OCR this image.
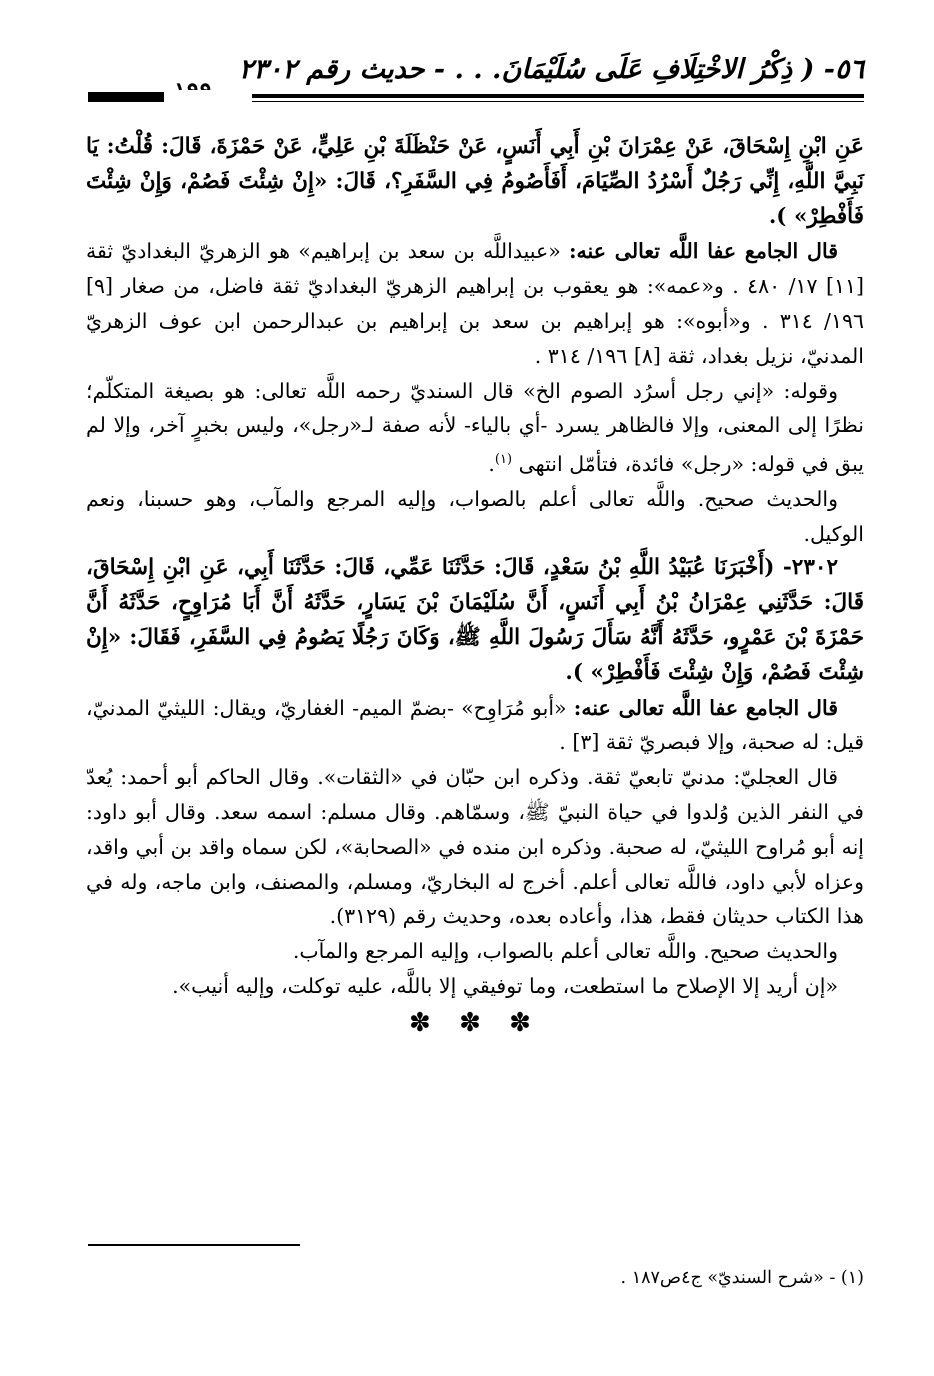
٥٦- ( ذِكْرُ الاخْتِلَافِ عَلَى سُلَيْمَانَ. . . - حديث رقم ٢٣٠٢

عَنِ ابْنِ إِسْحَاقَ، عَنْ عِمْرَانَ بْنِ أَبِي أَنَسٍ، عَنْ حَنْظَلَةَ بْنِ عَلِيٍّ، عَنْ حَمْزَةَ، قَالَ: قُلْتُ: يَا نَبِيَّ اللَّهِ، إِنِّي رَجُلٌ أَسْرُدُ الصِّيَامَ، أَفَأَصُومُ فِي السَّفَرِ؟، قَالَ: «إِنْ شِئْتَ فَصُمْ، وَإِنْ شِئْتَ فَأَفْطِرْ» ).

قال الجامع عفا اللَّه تعالى عنه: «عبيداللَّه بن سعد بن إبراهيم» هو الزهريّ البغداديّ ثقة [١١] ١٧/ ٤٨٠ . و«عمه»: هو يعقوب بن إبراهيم الزهريّ البغداديّ ثقة فاضل، من صغار [٩] ١٩٦/ ٣١٤ . و«أبوه»: هو إبراهيم بن سعد بن إبراهيم بن عبدالرحمن ابن عوف الزهريّ المدنيّ، نزيل بغداد، ثقة [٨] ١٩٦/ ٣١٤ .

وقوله: «إني رجل أسرُد الصوم الخ» قال السنديّ رحمه اللَّه تعالى: هو بصيغة المتكلّم؛ نظرًا إلى المعنى، وإلا فالظاهر يسرد -أي بالياء- لأنه صفة لـ«رجل»، وليس بخبرٍ آخر، وإلا لم يبق في قوله: «رجل» فائدة، فتأمّل انتهى $^{(١)}$.

والحديث صحيح. واللَّه تعالى أعلم بالصواب، وإليه المرجع والمآب، وهو حسبنا، ونعم الوكيل.

٢٣٠٢- (أَخْبَرَنَا عُبَيْدُ اللَّهِ بْنُ سَعْدٍ، قَالَ: حَدَّثَنَا عَمِّي، قَالَ: حَدَّثَنَا أَبِي، عَنِ ابْنِ إِسْحَاقَ، قَالَ: حَدَّثَنِي عِمْرَانُ بْنُ أَبِي أَنَسٍ، أَنَّ سُلَيْمَانَ بْنَ يَسَارٍ، حَدَّثَهُ أَنَّ أَبَا مُرَاوِحٍ، حَدَّثَهُ أَنَّ حَمْزَةَ بْنَ عَمْرٍو، حَدَّثَهُ أَنَّهُ سَأَلَ رَسُولَ اللَّهِ ﷺ، وَكَانَ رَجُلًا يَصُومُ فِي السَّفَرِ، فَقَالَ: «إِنْ شِئْتَ فَصُمْ، وَإِنْ شِئْتَ فَأَفْطِرْ» ).

قال الجامع عفا اللَّه تعالى عنه: «أبو مُرَاوِح» -بضمّ الميم- الغفاريّ، ويقال: الليثيّ المدنيّ، قيل: له صحبة، وإلا فبصريّ ثقة [٣] .

قال العجليّ: مدنيّ تابعيّ ثقة. وذكره ابن حبّان في «الثقات». وقال الحاكم أبو أحمد: يُعدّ في النفر الذين وُلدوا في حياة النبيّ ﷺ، وسمّاهم. وقال مسلم: اسمه سعد. وقال أبو داود: إنه أبو مُراوح الليثيّ، له صحبة. وذكره ابن منده في «الصحابة»، لكن سماه واقد بن أبي واقد، وعزاه لأبي داود، فاللَّه تعالى أعلم. أخرج له البخاريّ، ومسلم، والمصنف، وابن ماجه، وله في هذا الكتاب حديثان فقط، هذا، وأعاده بعده، وحديث رقم (٣١٢٩).

والحديث صحيح. واللَّه تعالى أعلم بالصواب، وإليه المرجع والمآب.

«إن أريد إلا الإصلاح ما استطعت، وما توفيقي إلا باللَّه، عليه توكلت، وإليه أنيب».

✽ ✽ ✽
(١) - «شرح السنديّ» ج٤ص١٨٧ .
